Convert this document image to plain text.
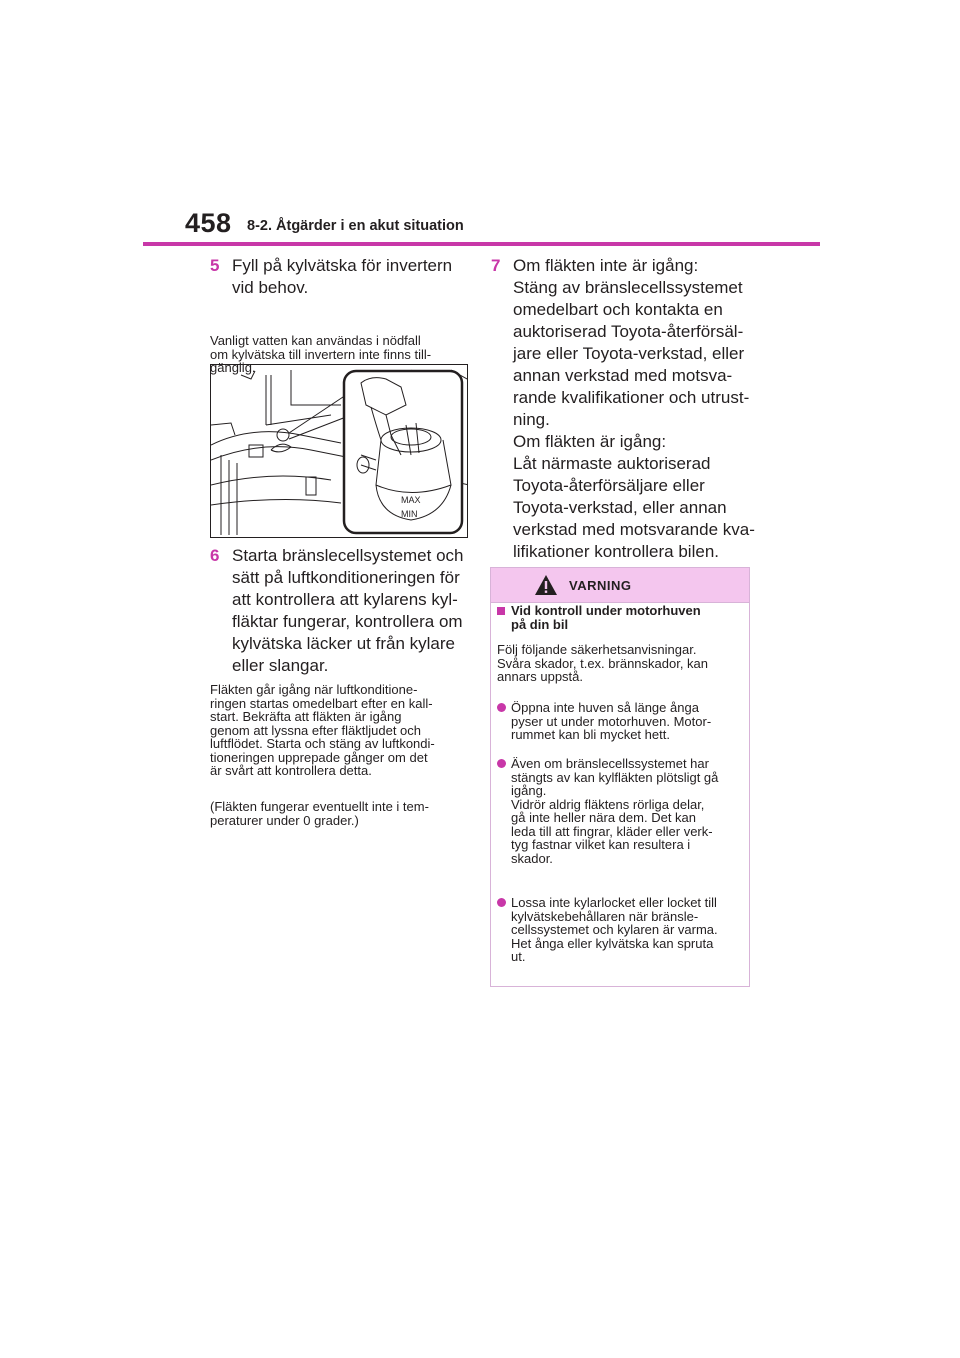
458 8-2. Åtgärder i en akut situation
5 Fyll på kylvätska för invertern
vid behov.
Vanligt vatten kan användas i nödfall
om kylvätska till invertern inte finns till-
gänglig.
MAX
MIN
6 Starta bränslecellsystemet och
sätt på luftkonditioneringen för
att kontrollera att kylarens kyl-
fläktar fungerar, kontrollera om
kylvätska läcker ut från kylare
eller slangar.
Fläkten går igång när luftkonditione-
ringen startas omedelbart efter en kall-
start. Bekräfta att fläkten är igång
genom att lyssna efter fläktljudet och
luftflödet. Starta och stäng av luftkondi-
tioneringen upprepade gånger om det
är svårt att kontrollera detta.
(Fläkten fungerar eventuellt inte i tem-
peraturer under 0 grader.)
7 Om fläkten inte är igång:
Stäng av bränslecellssystemet
omedelbart och kontakta en
auktoriserad Toyota-återförsäl-
jare eller Toyota-verkstad, eller
annan verkstad med motsva-
rande kvalifikationer och utrust-
ning.
Om fläkten är igång:
Låt närmaste auktoriserad
Toyota-återförsäljare eller
Toyota-verkstad, eller annan
verkstad med motsvarande kva-
lifikationer kontrollera bilen.
VARNING
Vid kontroll under motorhuven
på din bil
Följ följande säkerhetsanvisningar.
Svåra skador, t.ex. brännskador, kan
annars uppstå.
Öppna inte huven så länge ånga
pyser ut under motorhuven. Motor-
rummet kan bli mycket hett.
Även om bränslecellssystemet har
stängts av kan kylfläkten plötsligt gå
igång.
Vidrör aldrig fläktens rörliga delar,
gå inte heller nära dem. Det kan
leda till att fingrar, kläder eller verk-
tyg fastnar vilket kan resultera i
skador.
Lossa inte kylarlocket eller locket till
kylvätskebehållaren när bränsle-
cellssystemet och kylaren är varma.
Het ånga eller kylvätska kan spruta
ut.
